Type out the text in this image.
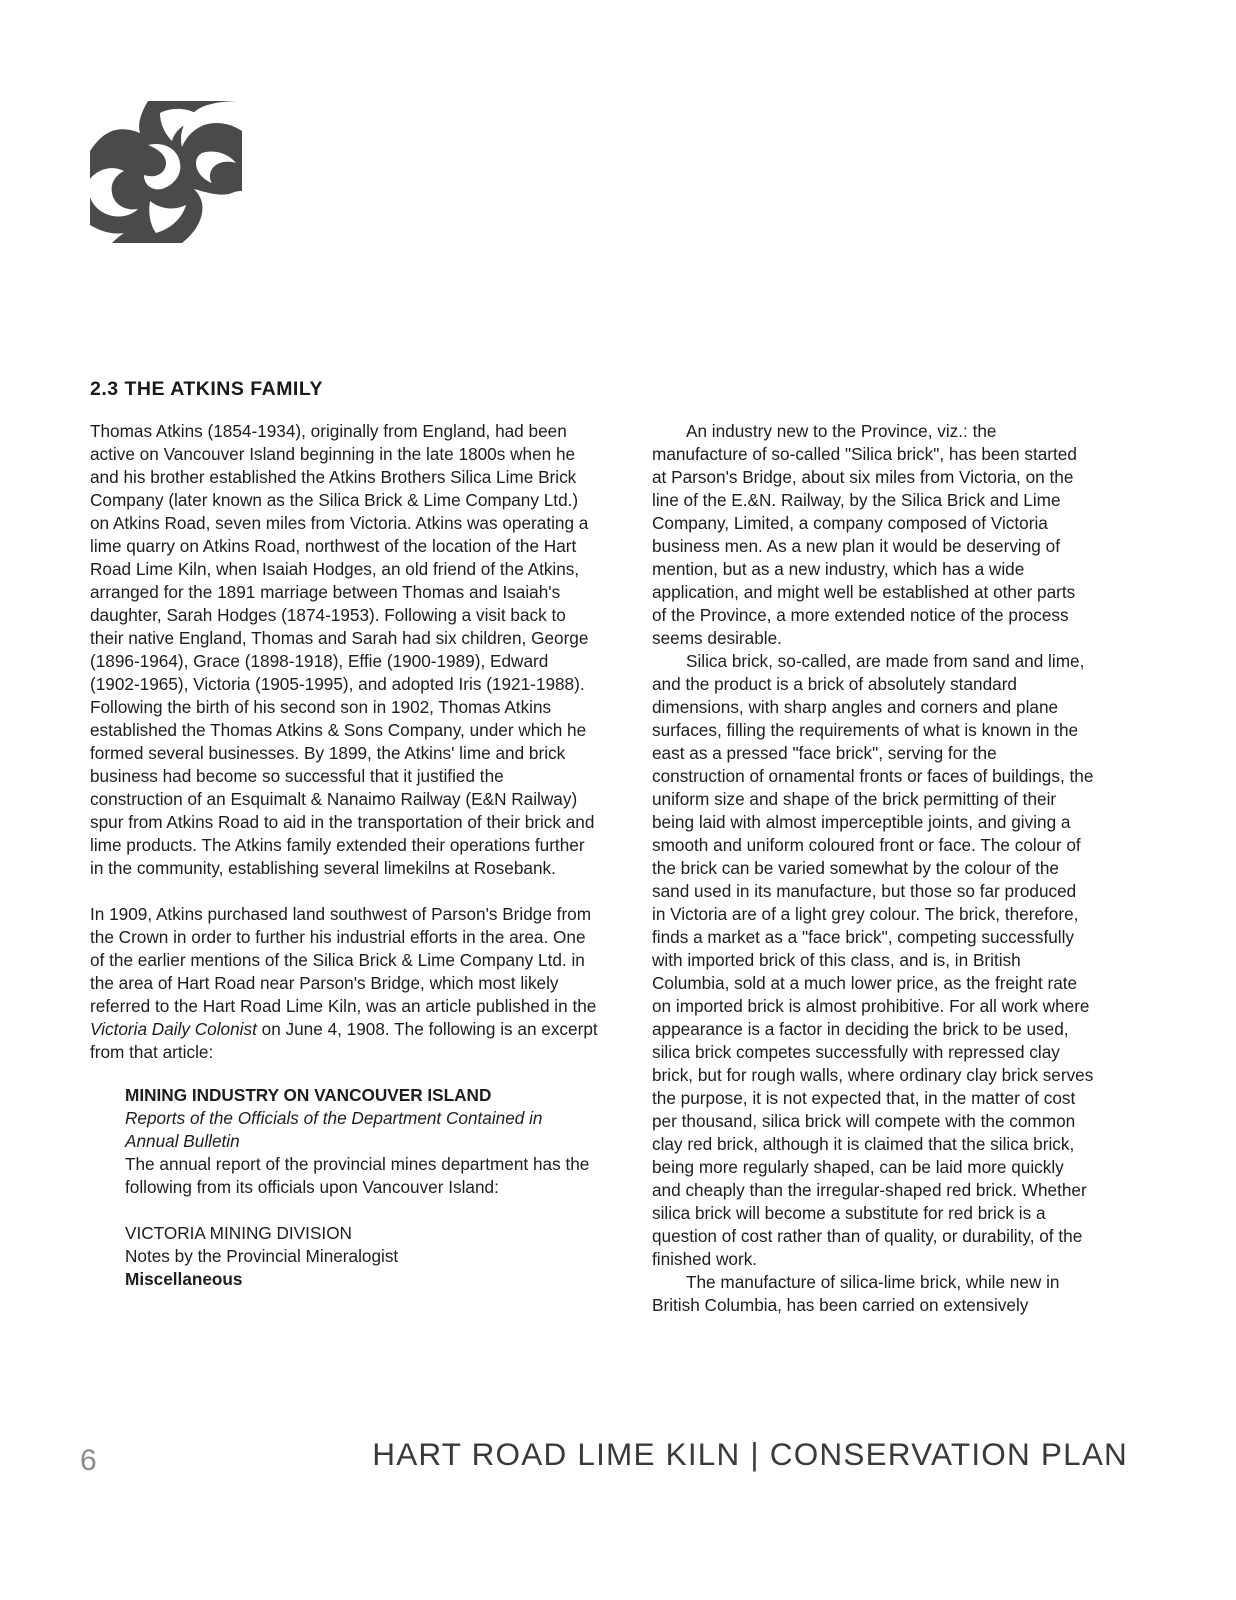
2.3 THE ATKINS FAMILY

Thomas Atkins (1854-1934), originally from England, had been active on Vancouver Island beginning in the late 1800s when he and his brother established the Atkins Brothers Silica Lime Brick Company (later known as the Silica Brick & Lime Company Ltd.) on Atkins Road, seven miles from Victoria. Atkins was operating a lime quarry on Atkins Road, northwest of the location of the Hart Road Lime Kiln, when Isaiah Hodges, an old friend of the Atkins, arranged for the 1891 marriage between Thomas and Isaiah's daughter, Sarah Hodges (1874-1953). Following a visit back to their native England, Thomas and Sarah had six children, George (1896-1964), Grace (1898-1918), Effie (1900-1989), Edward (1902-1965), Victoria (1905-1995), and adopted Iris (1921-1988). Following the birth of his second son in 1902, Thomas Atkins established the Thomas Atkins & Sons Company, under which he formed several businesses. By 1899, the Atkins' lime and brick business had become so successful that it justified the construction of an Esquimalt & Nanaimo Railway (E&N Railway) spur from Atkins Road to aid in the transportation of their brick and lime products. The Atkins family extended their operations further in the community, establishing several limekilns at Rosebank.

In 1909, Atkins purchased land southwest of Parson's Bridge from the Crown in order to further his industrial efforts in the area. One of the earlier mentions of the Silica Brick & Lime Company Ltd. in the area of Hart Road near Parson's Bridge, which most likely referred to the Hart Road Lime Kiln, was an article published in the Victoria Daily Colonist on June 4, 1908. The following is an excerpt from that article:

MINING INDUSTRY ON VANCOUVER ISLAND
Reports of the Officials of the Department Contained in Annual Bulletin
The annual report of the provincial mines department has the following from its officials upon Vancouver Island:
VICTORIA MINING DIVISION
Notes by the Provincial Mineralogist
Miscellaneous

An industry new to the Province, viz.: the manufacture of so-called "Silica brick", has been started at Parson's Bridge, about six miles from Victoria, on the line of the E.&N. Railway, by the Silica Brick and Lime Company, Limited, a company composed of Victoria business men. As a new plan it would be deserving of mention, but as a new industry, which has a wide application, and might well be established at other parts of the Province, a more extended notice of the process seems desirable.

Silica brick, so-called, are made from sand and lime, and the product is a brick of absolutely standard dimensions, with sharp angles and corners and plane surfaces, filling the requirements of what is known in the east as a pressed "face brick", serving for the construction of ornamental fronts or faces of buildings, the uniform size and shape of the brick permitting of their being laid with almost imperceptible joints, and giving a smooth and uniform coloured front or face. The colour of the brick can be varied somewhat by the colour of the sand used in its manufacture, but those so far produced in Victoria are of a light grey colour. The brick, therefore, finds a market as a "face brick", competing successfully with imported brick of this class, and is, in British Columbia, sold at a much lower price, as the freight rate on imported brick is almost prohibitive. For all work where appearance is a factor in deciding the brick to be used, silica brick competes successfully with repressed clay brick, but for rough walls, where ordinary clay brick serves the purpose, it is not expected that, in the matter of cost per thousand, silica brick will compete with the common clay red brick, although it is claimed that the silica brick, being more regularly shaped, can be laid more quickly and cheaply than the irregular-shaped red brick. Whether silica brick will become a substitute for red brick is a question of cost rather than of quality, or durability, of the finished work.

The manufacture of silica-lime brick, while new in British Columbia, has been carried on extensively

6	HART ROAD LIME KILN | CONSERVATION PLAN
